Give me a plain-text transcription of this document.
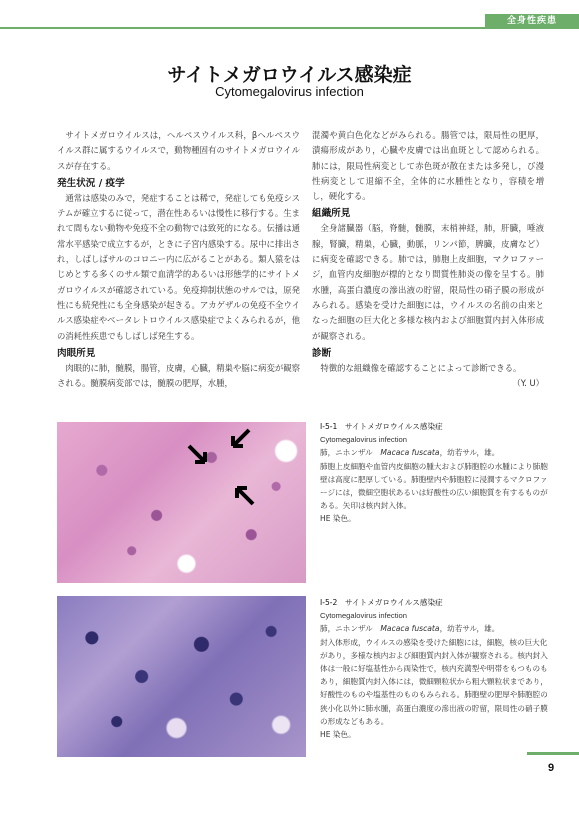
全身性疾患
サイトメガロウイルス感染症
Cytomegalovirus infection

サイトメガロウイルスは，ヘルペスウイルス科，βヘルペスウイルス群に属するウイルスで，動物種固有のサイトメガロウイルスが存在する。

発生状況 / 疫学

通常は感染のみで，発症することは稀で，発症しても免疫システムが確立するに従って，潜在性あるいは慢性に移行する。生まれて間もない動物や免疫不全の動物では致死的になる。伝播は通常水平感染で成立するが，ときに子宮内感染する。尿中に排出され，しばしばサルのコロニー内に広がることがある。類人猿をはじめとする多くのサル類で血清学的あるいは形態学的にサイトメガロウイルスが確認されている。免疫抑制状態のサルでは，原発性にも続発性にも全身感染が起きる。アカゲザルの免疫不全ウイルス感染症やベータレトロウイルス感染症でよくみられるが，他の消耗性疾患でもしばしば発生する。

肉眼所見

肉眼的に肺，髄膜，腸管，皮膚，心臓，精巣や脳に病変が観察される。髄膜病変部では，髄膜の肥厚，水腫，

混濁や黄白色化などがみられる。腸管では，限局性の肥厚，潰瘍形成があり，心臓や皮膚では出血斑として認められる。肺には，限局性病変として赤色斑が散在または多発し，び漫性病変として退縮不全，全体的に水腫性となり，容積を増し，硬化する。

組織所見

全身諸臓器（脳，脊髄，髄膜，末梢神経，肺，肝臓，唾液腺，腎臓，精巣，心臓，動脈，リンパ節，脾臓，皮膚など）に病変を確認できる。肺では，肺胞上皮細胞，マクロファージ，血管内皮細胞が標的となり間質性肺炎の像を呈する。肺水腫，高蛋白濃度の滲出液の貯留，限局性の硝子膜の形成がみられる。感染を受けた細胞には，ウイルスの名前の由来となった細胞の巨大化と多様な核内および細胞質内封入体形成が観察される。

診断

特徴的な組織像を確認することによって診断できる。

（Y. U）

I-5-1　 サイトメガロウイルス感染症
Cytomegalovirus infection
肺，ニホンザル　 Macaca fuscata，幼若サル，雄。
肺胞上皮細胞や血管内皮細胞の腫大および肺胞腔の水腫により肺胞壁は高度に肥厚している。肺胞壁内や肺胞腔に浸潤するマクロファージには，微細空胞状あるいは好酸性の広い細胞質を有するものがある。矢印は核内封入体。
HE 染色。
I-5-2　 サイトメガロウイルス感染症
Cytomegalovirus infection
肺，ニホンザル　 Macaca fuscata，幼若サル，雄。
封入体形成，ウイルスの感染を受けた細胞には，細胞，核の巨大化があり，多様な核内および細胞質内封入体が観察される。核内封入体は一般に好塩基性から両染性で，核内充満型や明帯をもつものもあり，細胞質内封入体には，微細顆粒状から粗大顆粒状まであり，好酸性のものや塩基性のものもみられる。肺胞壁の肥厚や肺胞腔の狭小化以外に肺水腫，高蛋白濃度の滲出液の貯留，限局性の硝子膜の形成などもある。
HE 染色。
9
